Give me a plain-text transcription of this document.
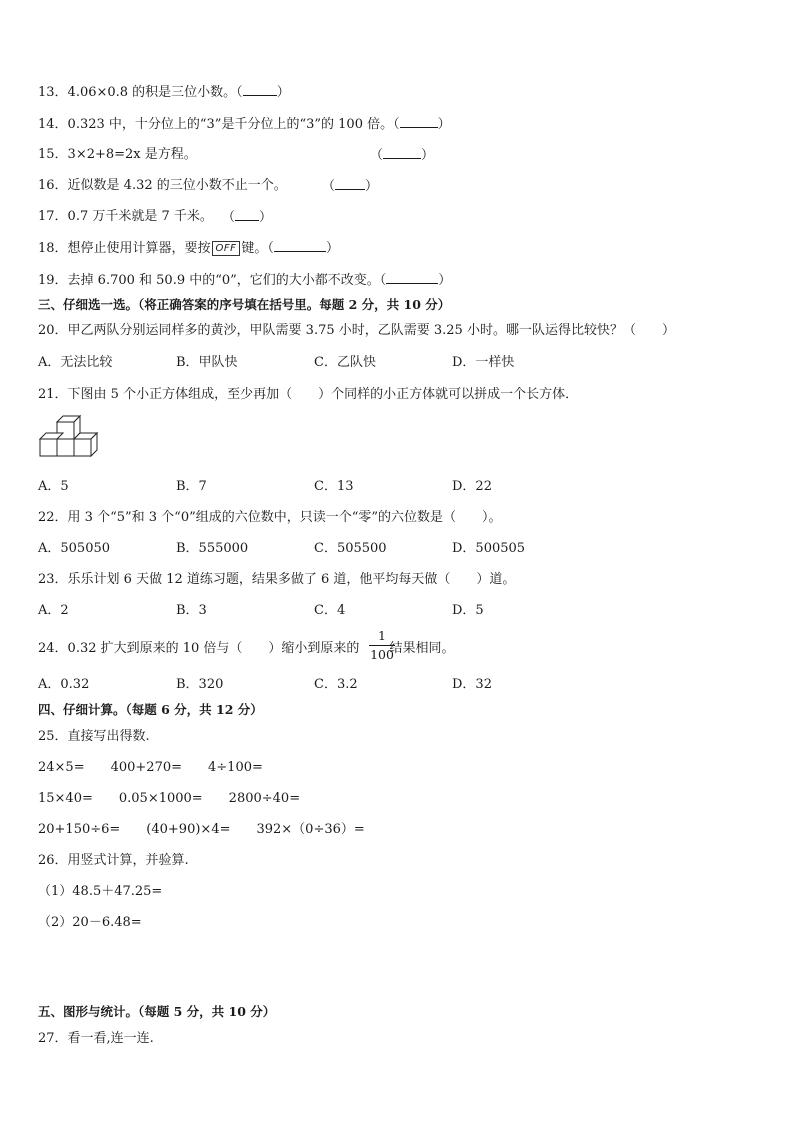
13．4.06×0.8 的积是三位小数。（	）
14．0.323 中，十分位上的“3”是千分位上的“3”的 100 倍。（	）
15．3×2+8=2x 是方程。	（	）
16．近似数是 4.32 的三位小数不止一个。	（ ）
17．0.7 万千米就是 7 千米。 （ ）
18．想停止使用计算器，要按 OFF 键。（	）
19．去掉 6.700 和 50.9 中的“0”，它们的大小都不改变。（	）
三、仔细选一选。（将正确答案的序号填在括号里。每题 2 分，共 10 分）
20．甲乙两队分别运同样多的黄沙，甲队需要 3.75 小时，乙队需要 3.25 小时。哪一队运得比较快？（　　）
A．无法比较	B．甲队快	C．乙队快	D．一样快
21．下图由 5 个小正方体组成，至少再加（　　）个同样的小正方体就可以拼成一个长方体．
A．5	B．7	C．13	D．22
22．用 3 个“5”和 3 个“0”组成的六位数中，只读一个“零”的六位数是（　　）。
A．505050	B．555000	C．505500	D．500505
23．乐乐计划 6 天做 12 道练习题，结果多做了 6 道，他平均每天做（　　）道。
A．2	B．3	C．4	D．5
24．0.32 扩大到原来的 10 倍与（　　）缩小到原来的 结果相同。
1
100
A．0.32	B．320	C．3.2	D．32
四、仔细计算。（每题 6 分，共 12 分）
25．直接写出得数.
24×5=　　400+270=　　4÷100=
15×40=　　0.05×1000=　　2800÷40=
20+150÷6=　　(40+90)×4=　　392×（0÷36）=
26．用竖式计算，并验算.
（1）48.5＋47.25=
（2）20－6.48=
五、图形与统计。（每题 5 分，共 10 分）
27．看一看,连一连.
